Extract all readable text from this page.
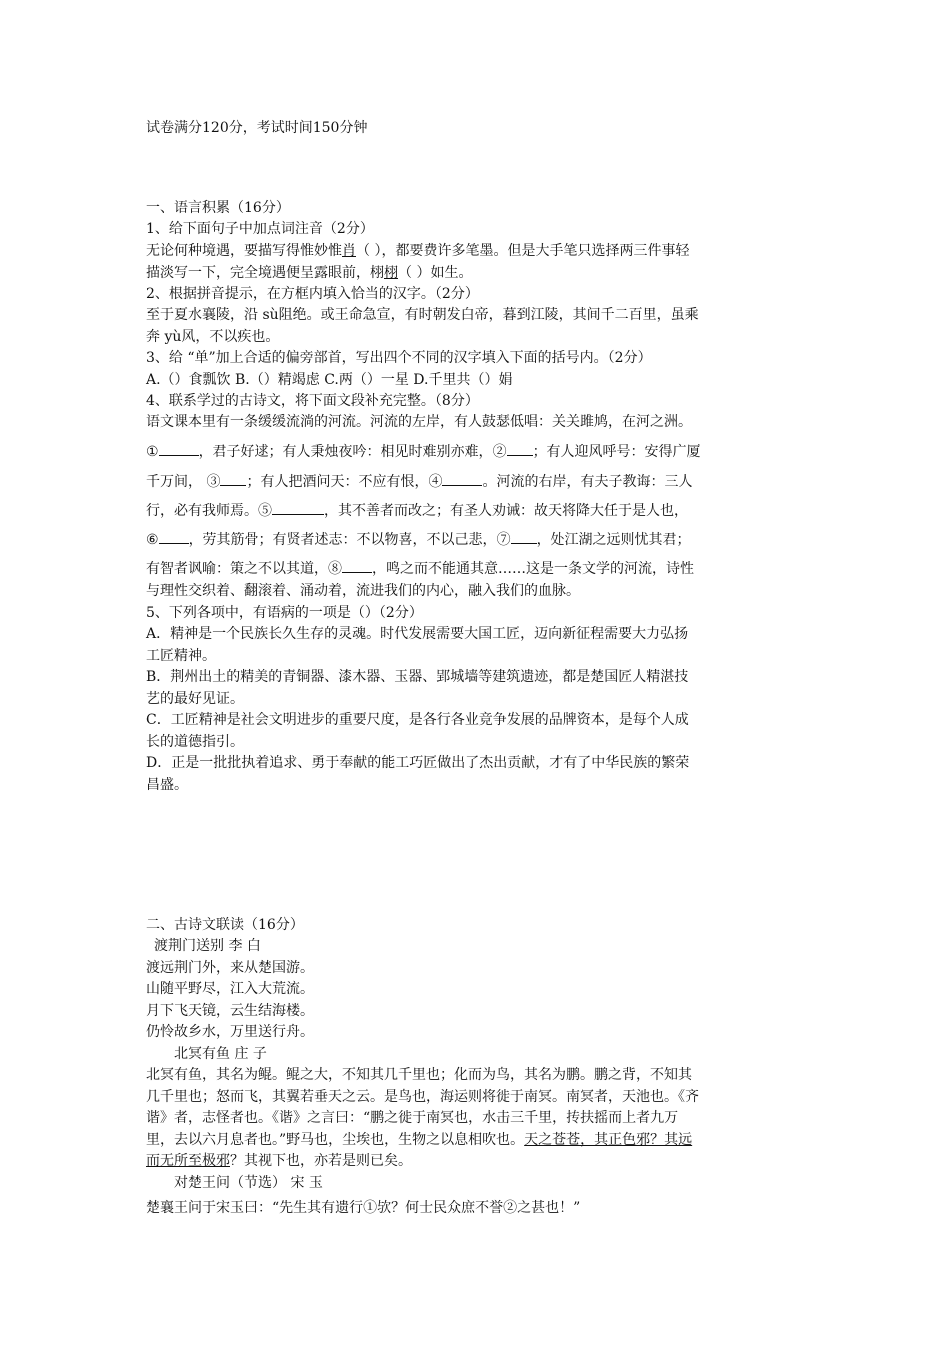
试卷满分120分，考试时间150分钟
一、语言积累（16分）
1、给下面句子中加点词注音（2分）
无论何种境遇，要描写得惟妙惟肖（ ），都要费许多笔墨。但是大手笔只选择两三件事轻
描淡写一下，完全境遇便呈露眼前，栩栩（ ）如生。
2、根据拼音提示，在方框内填入恰当的汉字。（2分）
至于夏水襄陵，沿 sù阻绝。或王命急宣，有时朝发白帝，暮到江陵，其间千二百里，虽乘
奔 yù风，不以疾也。
3、给 “单”加上合适的偏旁部首，写出四个不同的汉字填入下面的括号内。（2分）
A.（）食瓢饮 B.（）精竭虑 C.两（）一星 D.千里共（）娟
4、联系学过的古诗文，将下面文段补充完整。（8分）
语文课本里有一条缓缓流淌的河流。河流的左岸，有人鼓瑟低唱：关关雎鸠，在河之洲。
①	，君子好逑；有人秉烛夜吟：相见时难别亦难，② ；有人迎风呼号：安得广厦
千万间， ③ ；有人把酒问天：不应有恨，④	。河流的右岸，有夫子教诲：三人
行，必有我师焉。⑤	，其不善者而改之；有圣人劝诫：故天将降大任于是人也，
⑥ ，劳其筋骨；有贤者述志：不以物喜，不以己悲，⑦ ，处江湖之远则忧其君；
有智者讽喻：策之不以其道，⑧ ，鸣之而不能通其意……这是一条文学的河流，诗性
与理性交织着、翻滚着、涌动着，流进我们的内心，融入我们的血脉。
5、下列各项中，有语病的一项是（）（2分）
A．精神是一个民族长久生存的灵魂。时代发展需要大国工匠，迈向新征程需要大力弘扬
工匠精神。
B．荆州出土的精美的青铜器、漆木器、玉器、郢城墙等建筑遗迹，都是楚国匠人精湛技
艺的最好见证。
C．工匠精神是社会文明进步的重要尺度，是各行各业竞争发展的品牌资本，是每个人成
长的道德指引。
D．正是一批批执着追求、勇于奉献的能工巧匠做出了杰出贡献，才有了中华民族的繁荣
昌盛。
二、古诗文联读（16分）
渡荆门送别 李 白
渡远荆门外，来从楚国游。
山随平野尽，江入大荒流。
月下飞天镜，云生结海楼。
仍怜故乡水，万里送行舟。
北冥有鱼 庄 子
北冥有鱼，其名为鲲。鲲之大，不知其几千里也；化而为鸟，其名为鹏。鹏之背，不知其
几千里也；怒而飞，其翼若垂天之云。是鸟也，海运则将徙于南冥。南冥者，天池也。《齐
谐》者，志怪者也。《谐》之言曰：“鹏之徙于南冥也，水击三千里，抟扶摇而上者九万
里，去以六月息者也。”野马也，尘埃也，生物之以息相吹也。天之苍苍，其正色邪？其远
而无所至极邪？其视下也，亦若是则已矣。
对楚王问（节选） 宋 玉
楚襄王问于宋玉曰：“先生其有遗行①欤？何士民众庶不誉②之甚也！”
